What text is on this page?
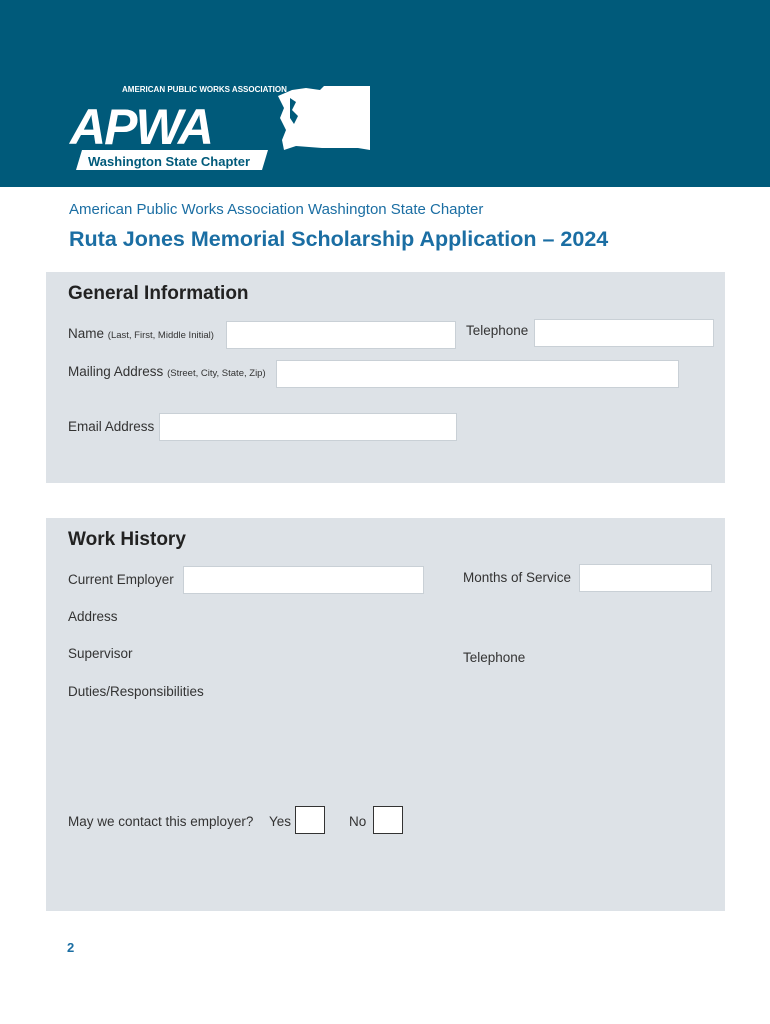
APWA
AMERICAN PUBLIC WORKS ASSOCIATION
Washington State Chapter
American Public Works Association Washington State Chapter
Ruta Jones Memorial Scholarship Application – 2024
General Information
Name (Last, First, Middle Initial)	Telephone
Mailing Address (Street, City, State, Zip)
Email Address
Work History
Current Employer	Months of Service
Address
Supervisor	Telephone
Duties/Responsibilities
May we contact this employer? Yes	No
2
